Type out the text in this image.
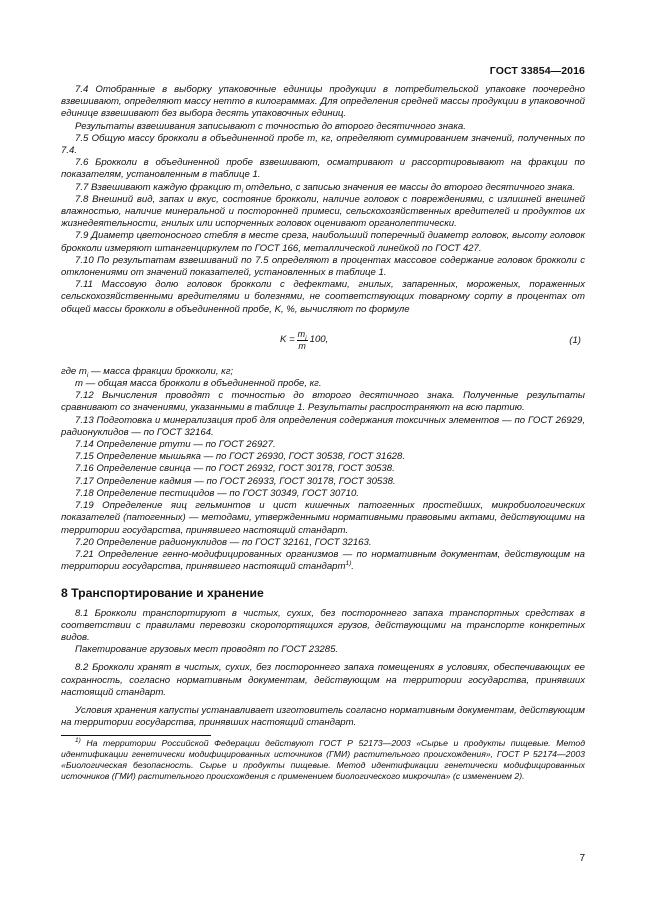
ГОСТ 33854—2016

7.4 Отобранные в выборку упаковочные единицы продукции в потребительской упаковке поочередно взвешивают, определяют массу нетто в килограммах. Для определения средней массы продукции в упаковочной единице взвешивают без выбора десять упаковочных единиц.

Результаты взвешивания записывают с точностью до второго десятичного знака.

7.5 Общую массу брокколи в объединенной пробе m, кг, определяют суммированием значений, полученных по 7.4.

7.6 Брокколи в объединенной пробе взвешивают, осматривают и рассортировывают на фракции по показателям, установленным в таблице 1.

7.7 Взвешивают каждую фракцию $m_i$ отдельно, с записью значения ее массы до второго десятичного знака.

7.8 Внешний вид, запах и вкус, состояние брокколи, наличие головок с повреждениями, с излишней внешней влажностью, наличие минеральной и посторонней примеси, сельскохозяйственных вредителей и продуктов их жизнедеятельности, гнилых или испорченных головок оценивают органолептически.

7.9 Диаметр цветоносного стебля в месте среза, наибольший поперечный диаметр головок, высоту головок брокколи измеряют штангенциркулем по ГОСТ 166, металлической линейкой по ГОСТ 427.

7.10 По результатам взвешиваний по 7.5 определяют в процентах массовое содержание головок брокколи с отклонениями от значений показателей, установленных в таблице 1.

7.11 Массовую долю головок брокколи с дефектами, гнилых, запаренных, мороженых, пораженных сельскохозяйственными вредителями и болезнями, не соответствующих товарному сорту в процентах от общей массы брокколи в объединенной пробе, K, %, вычисляют по формуле

$K = \frac{m_i}{m} 100$,	(1)

где $m_i$ — масса фракции брокколи, кг;

m — общая масса брокколи в объединенной пробе, кг.

7.12 Вычисления проводят с точностью до второго десятичного знака. Полученные результаты сравнивают со значениями, указанными в таблице 1. Результаты распространяют на всю партию.

7.13 Подготовка и минерализация проб для определения содержания токсичных элементов — по ГОСТ 26929, радионуклидов — по ГОСТ 32164.

7.14 Определение ртути — по ГОСТ 26927.

7.15 Определение мышьяка — по ГОСТ 26930, ГОСТ 30538, ГОСТ 31628.

7.16 Определение свинца — по ГОСТ 26932, ГОСТ 30178, ГОСТ 30538.

7.17 Определение кадмия — по ГОСТ 26933, ГОСТ 30178, ГОСТ 30538.

7.18 Определение пестицидов — по ГОСТ 30349, ГОСТ 30710.

7.19 Определение яиц гельминтов и цист кишечных патогенных простейших, микробиологических показателей (патогенных) — методами, утвержденными нормативными правовыми актами, действующими на территории государства, принявшего настоящий стандарт.

7.20 Определение радионуклидов — по ГОСТ 32161, ГОСТ 32163.

7.21 Определение генно-модифицированных организмов — по нормативным документам, действующим на территории государства, принявшего настоящий стандарт$^{1)}$.

8 Транспортирование и хранение

8.1 Брокколи транспортируют в чистых, сухих, без постороннего запаха транспортных средствах в соответствии с правилами перевозки скоропортящихся грузов, действующими на транспорте конкретных видов.

Пакетирование грузовых мест проводят по ГОСТ 23285.

8.2 Брокколи хранят в чистых, сухих, без постороннего запаха помещениях в условиях, обеспечивающих ее сохранность, согласно нормативным документам, действующим на территории государства, принявших настоящий стандарт.

Условия хранения капусты устанавливает изготовитель согласно нормативным документам, действующим на территории государства, принявших настоящий стандарт.

$^{1)}$ На территории Российской Федерации действуют ГОСТ Р 52173—2003 «Сырье и продукты пищевые. Метод идентификации генетически модифицированных источников (ГМИ) растительного происхождения», ГОСТ Р 52174—2003 «Биологическая безопасность. Сырье и продукты пищевые. Метод идентификации генетически модифицированных источников (ГМИ) растительного происхождения с применением биологического микрочипа» (с изменением 2).

7
